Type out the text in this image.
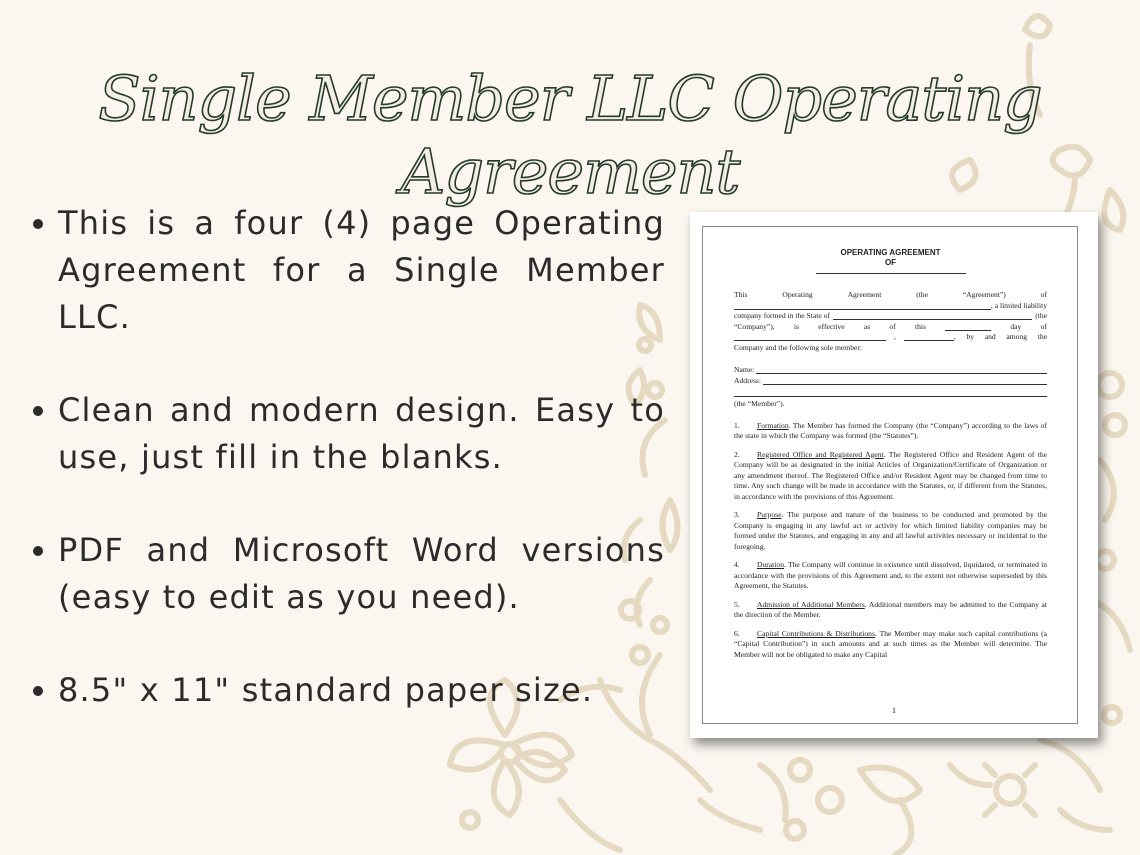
Single Member LLC Operating Agreement
This is a four (4) page Operating Agreement for a Single Member LLC.
Clean and modern design. Easy to use, just fill in the blanks.
PDF and Microsoft Word versions (easy to edit as you need).
8.5" x 11" standard paper size.
OPERATING AGREEMENT
OF
This	Operating	Agreement	(the	“Agreement”)	of
, a limited liability
company formed in the State of	(the
“Company”),	is	effective	as	of	this	day	of
,	, by and among the
Company and the following sole member:
Name:
Address:
(the “Member”).
1. Formation. The Member has formed the Company (the “Company”) according to the laws of the state in which the Company was formed (the “Statutes”).
2. Registered Office and Registered Agent. The Registered Office and Resident Agent of the Company will be as designated in the initial Articles of Organization/Certificate of Organization or any amendment thereof. The Registered Office and/or Resident Agent may be changed from time to time. Any such change will be made in accordance with the Statutes, or, if different from the Statutes, in accordance with the provisions of this Agreement.
3. Purpose. The purpose and nature of the business to be conducted and promoted by the Company is engaging in any lawful act or activity for which limited liability companies may be formed under the Statutes, and engaging in any and all lawful activities necessary or incidental to the foregoing.
4. Duration. The Company will continue in existence until dissolved, liquidated, or terminated in accordance with the provisions of this Agreement and, to the extent not otherwise superseded by this Agreement, the Statutes.
5. Admission of Additional Members. Additional members may be admitted to the Company at the direction of the Member.
6. Capital Contributions & Distributions. The Member may make such capital contributions (a “Capital Contribution”) in such amounts and at such times as the Member will determine. The Member will not be obligated to make any Capital
1
